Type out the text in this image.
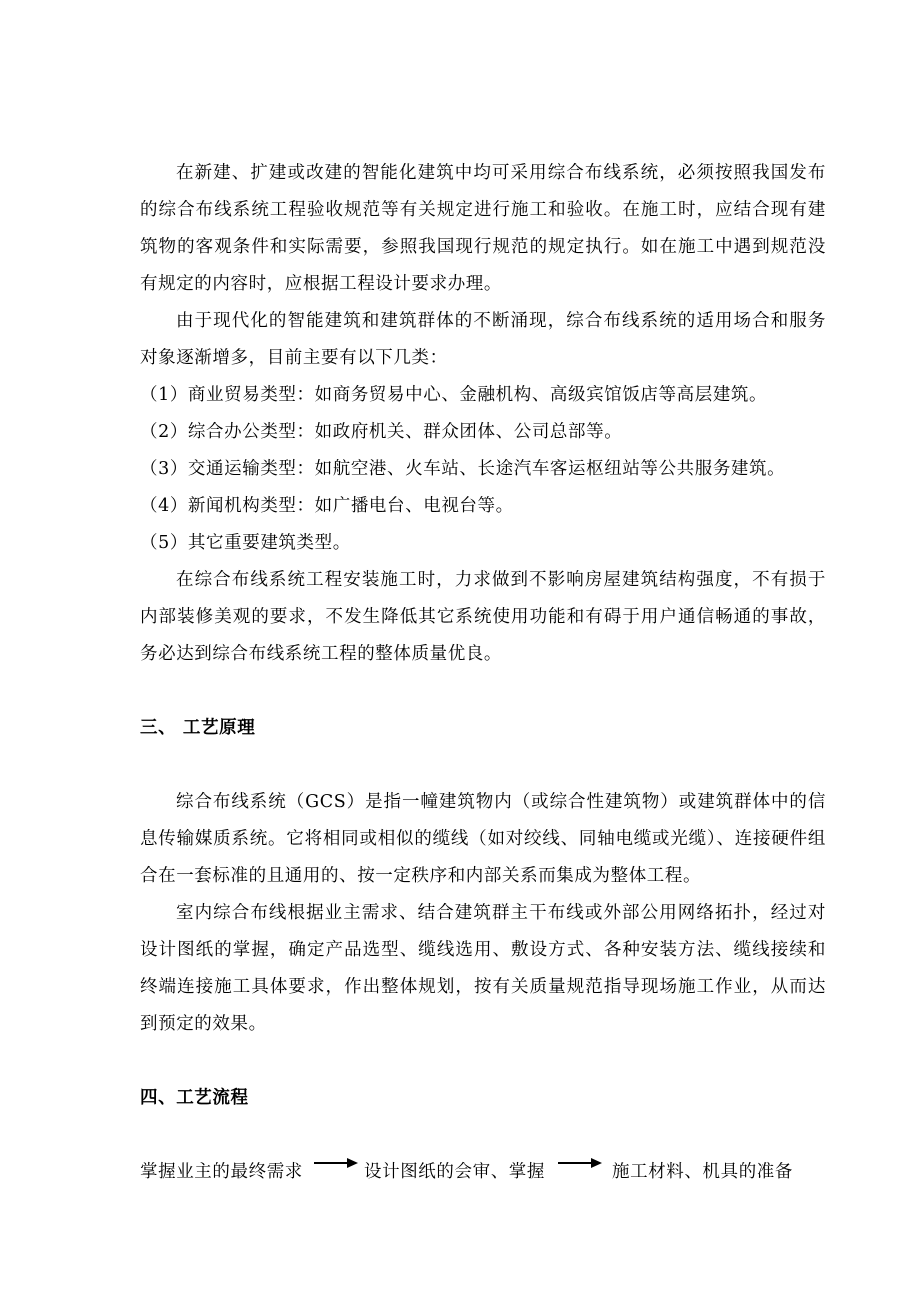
在新建、扩建或改建的智能化建筑中均可采用综合布线系统，必须按照我国发布的综合布线系统工程验收规范等有关规定进行施工和验收。在施工时，应结合现有建筑物的客观条件和实际需要，参照我国现行规范的规定执行。如在施工中遇到规范没有规定的内容时，应根据工程设计要求办理。

由于现代化的智能建筑和建筑群体的不断涌现，综合布线系统的适用场合和服务对象逐渐增多，目前主要有以下几类：

（1）商业贸易类型：如商务贸易中心、金融机构、高级宾馆饭店等高层建筑。

（2）综合办公类型：如政府机关、群众团体、公司总部等。

（3）交通运输类型：如航空港、火车站、长途汽车客运枢纽站等公共服务建筑。

（4）新闻机构类型：如广播电台、电视台等。

（5）其它重要建筑类型。

在综合布线系统工程安装施工时，力求做到不影响房屋建筑结构强度，不有损于内部装修美观的要求，不发生降低其它系统使用功能和有碍于用户通信畅通的事故，务必达到综合布线系统工程的整体质量优良。

三、 工艺原理

综合布线系统（GCS）是指一幢建筑物内（或综合性建筑物）或建筑群体中的信息传输媒质系统。它将相同或相似的缆线（如对绞线、同轴电缆或光缆）、连接硬件组合在一套标准的且通用的、按一定秩序和内部关系而集成为整体工程。

室内综合布线根据业主需求、结合建筑群主干布线或外部公用网络拓扑，经过对设计图纸的掌握，确定产品选型、缆线选用、敷设方式、各种安装方法、缆线接续和终端连接施工具体要求，作出整体规划，按有关质量规范指导现场施工作业，从而达到预定的效果。

四、工艺流程
掌握业主的最终需求	设计图纸的会审、掌握	施工材料、机具的准备
